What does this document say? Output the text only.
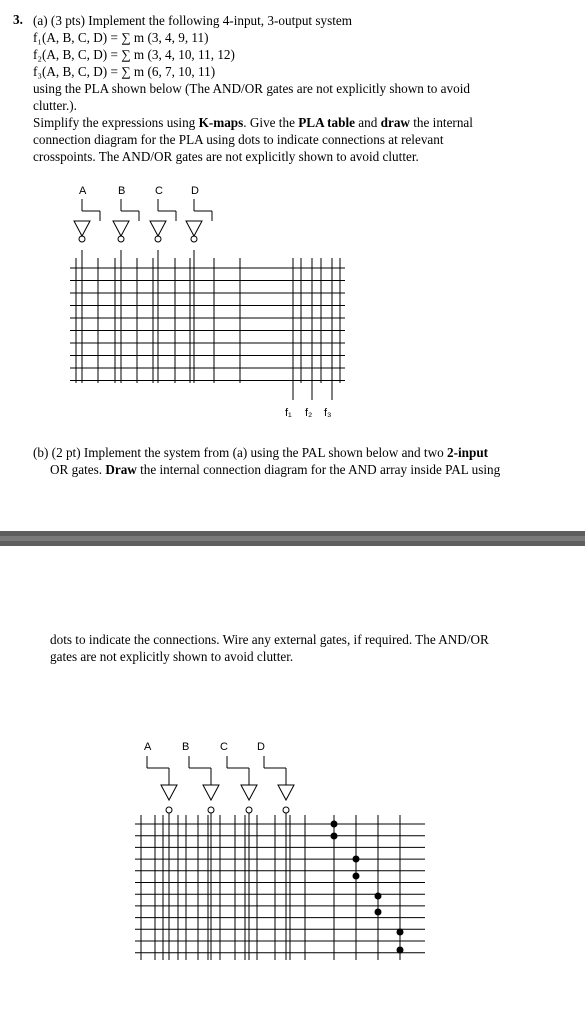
3. (a) (3 pts) Implement the following 4-input, 3-output system
f₁(A, B, C, D) = ∑ m (3, 4, 9, 11)
f₂(A, B, C, D) = ∑ m (3, 4, 10, 11, 12)
f₃(A, B, C, D) = ∑ m (6, 7, 10, 11)
using the PLA shown below (The AND/OR gates are not explicitly shown to avoid
clutter.).
Simplify the expressions using K-maps. Give the PLA table and draw the internal
connection diagram for the PLA using dots to indicate connections at relevant
crosspoints. The AND/OR gates are not explicitly shown to avoid clutter.
A	B	C	D
f₁ f₂ f₃
(b) (2 pt) Implement the system from (a) using the PAL shown below and two 2-input
OR gates. Draw the internal connection diagram for the AND array inside PAL using
dots to indicate the connections. Wire any external gates, if required. The AND/OR
gates are not explicitly shown to avoid clutter.
A	B	C	D
